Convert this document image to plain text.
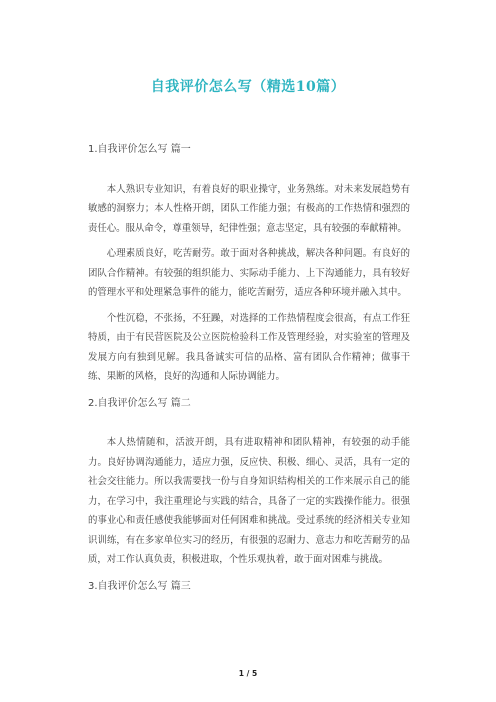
自我评价怎么写（精选10篇）

1.自我评价怎么写 篇一

本人熟识专业知识，有着良好的职业操守，业务熟练。对未来发展趋势有敏感的洞察力；本人性格开朗，团队工作能力强；有极高的工作热情和强烈的责任心。服从命令，尊重领导，纪律性强；意志坚定，具有较强的奉献精神。

心理素质良好，吃苦耐劳。敢于面对各种挑战，解决各种问题。有良好的团队合作精神。有较强的组织能力、实际动手能力、上下沟通能力，具有较好的管理水平和处理紧急事件的能力，能吃苦耐劳，适应各种环境并融入其中。

个性沉稳，不张扬，不狂躁，对选择的工作热情程度会很高，有点工作狂特质，由于有民营医院及公立医院检验科工作及管理经验，对实验室的管理及发展方向有独到见解。我具备诚实可信的品格、富有团队合作精神；做事干练、果断的风格，良好的沟通和人际协调能力。

2.自我评价怎么写 篇二

本人热情随和，活波开朗，具有进取精神和团队精神，有较强的动手能力。良好协调沟通能力，适应力强，反应快、积极、细心、灵活，具有一定的社会交往能力。所以我需要找一份与自身知识结构相关的工作来展示自己的能力，在学习中，我注重理论与实践的结合，具备了一定的实践操作能力。很强的事业心和责任感使我能够面对任何困难和挑战。受过系统的经济相关专业知识训练，有在多家单位实习的经历，有很强的忍耐力、意志力和吃苦耐劳的品质，对工作认真负责，积极进取，个性乐观执着，敢于面对困难与挑战。

3.自我评价怎么写 篇三

1 / 5
